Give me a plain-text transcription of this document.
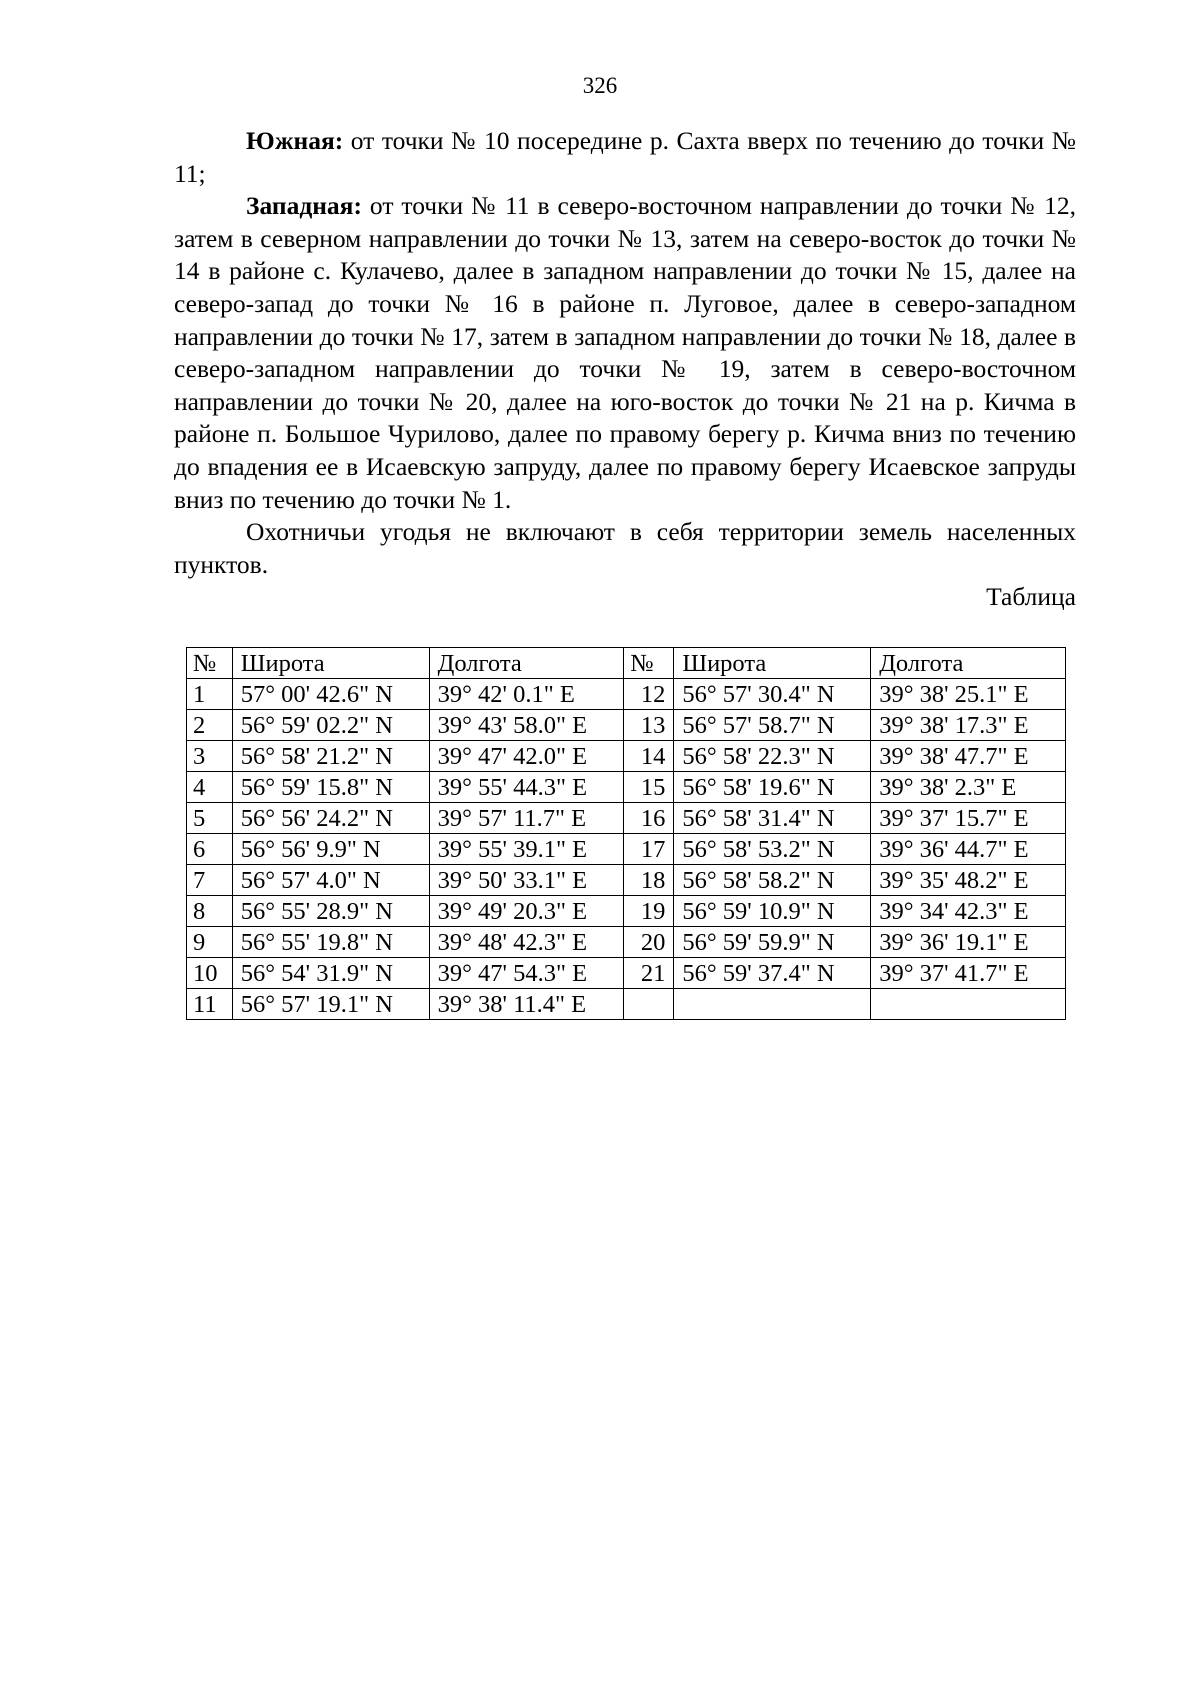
326

Южная: от точки № 10 посередине р. Сахта вверх по течению до точки № 11;

Западная: от точки № 11 в северо-восточном направлении до точки № 12, затем в северном направлении до точки № 13, затем на северо-восток до точки № 14 в районе с. Кулачево, далее в западном направлении до точки № 15, далее на северо-запад до точки № 16 в районе п. Луговое, далее в северо-западном направлении до точки № 17, затем в западном направлении до точки № 18, далее в северо-западном направлении до точки № 19, затем в северо-восточном направлении до точки № 20, далее на юго-восток до точки № 21 на р. Кичма в районе п. Большое Чурилово, далее по правому берегу р. Кичма вниз по течению до впадения ее в Исаевскую запруду, далее по правому берегу Исаевское запруды вниз по течению до точки № 1.

Охотничьи угодья не включают в себя территории земель населенных пунктов.

Таблица

№	Широта	Долгота	№	Широта	Долгота
1	57° 00' 42.6" N	39° 42' 0.1" E	12	56° 57' 30.4" N	39° 38' 25.1" E
2	56° 59' 02.2" N	39° 43' 58.0" E	13	56° 57' 58.7" N	39° 38' 17.3" E
3	56° 58' 21.2" N	39° 47' 42.0" E	14	56° 58' 22.3" N	39° 38' 47.7" E
4	56° 59' 15.8" N	39° 55' 44.3" E	15	56° 58' 19.6" N	39° 38' 2.3" E
5	56° 56' 24.2" N	39° 57' 11.7" E	16	56° 58' 31.4" N	39° 37' 15.7" E
6	56° 56' 9.9" N	39° 55' 39.1" E	17	56° 58' 53.2" N	39° 36' 44.7" E
7	56° 57' 4.0" N	39° 50' 33.1" E	18	56° 58' 58.2" N	39° 35' 48.2" E
8	56° 55' 28.9" N	39° 49' 20.3" E	19	56° 59' 10.9" N	39° 34' 42.3" E
9	56° 55' 19.8" N	39° 48' 42.3" E	20	56° 59' 59.9" N	39° 36' 19.1" E
10	56° 54' 31.9" N	39° 47' 54.3" E	21	56° 59' 37.4" N	39° 37' 41.7" E
11	56° 57' 19.1" N	39° 38' 11.4" E			
